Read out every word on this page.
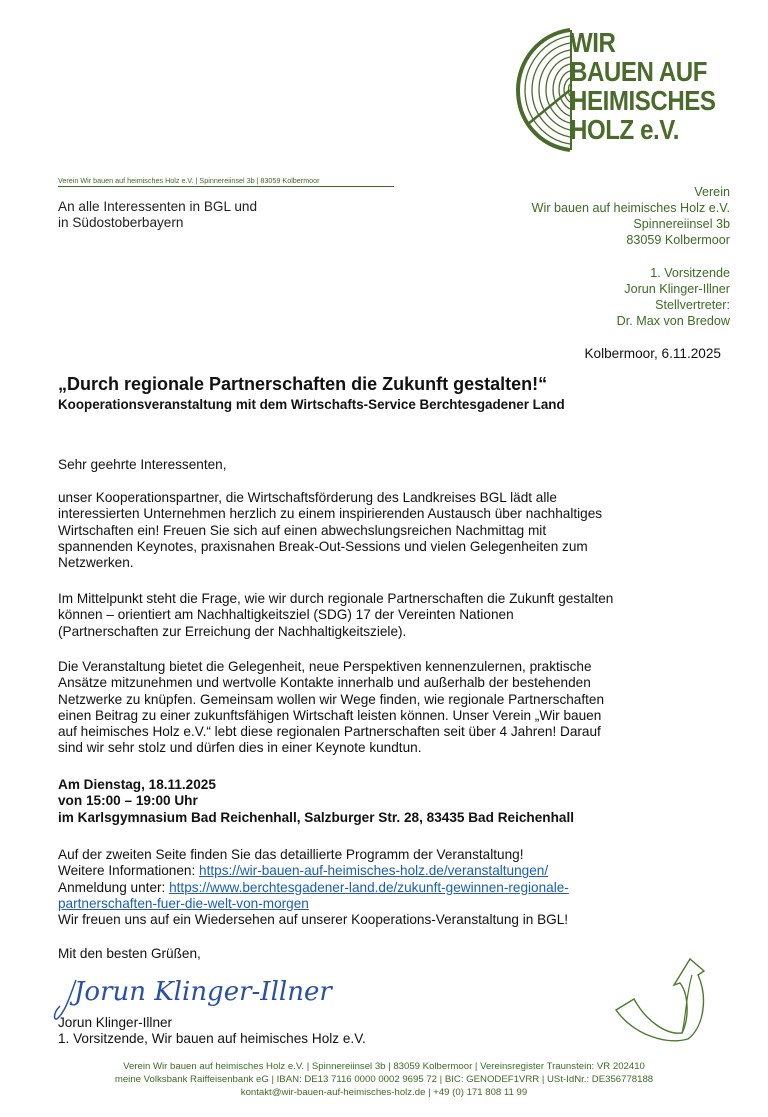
WIR
BAUEN AUF
HEIMISCHES
HOLZ e.V.
Verein Wir bauen auf heimisches Holz e.V. | Spinnereiinsel 3b | 83059 Kolbermoor
An alle Interessenten in BGL und
in Südostoberbayern
Verein
Wir bauen auf heimisches Holz e.V.
Spinnereiinsel 3b
83059 Kolbermoor
1. Vorsitzende
Jorun Klinger-Illner
Stellvertreter:
Dr. Max von Bredow
Kolbermoor, 6.11.2025
„Durch regionale Partnerschaften die Zukunft gestalten!“
Kooperationsveranstaltung mit dem Wirtschafts-Service Berchtesgadener Land
Sehr geehrte Interessenten,

unser Kooperationspartner, die Wirtschaftsförderung des Landkreises BGL lädt alle

interessierten Unternehmen herzlich zu einem inspirierenden Austausch über nachhaltiges

Wirtschaften ein! Freuen Sie sich auf einen abwechslungsreichen Nachmittag mit

spannenden Keynotes, praxisnahen Break-Out-Sessions und vielen Gelegenheiten zum

Netzwerken.

Im Mittelpunkt steht die Frage, wie wir durch regionale Partnerschaften die Zukunft gestalten

können – orientiert am Nachhaltigkeitsziel (SDG) 17 der Vereinten Nationen

(Partnerschaften zur Erreichung der Nachhaltigkeitsziele).

Die Veranstaltung bietet die Gelegenheit, neue Perspektiven kennenzulernen, praktische

Ansätze mitzunehmen und wertvolle Kontakte innerhalb und außerhalb der bestehenden

Netzwerke zu knüpfen. Gemeinsam wollen wir Wege finden, wie regionale Partnerschaften

einen Beitrag zu einer zukunftsfähigen Wirtschaft leisten können. Unser Verein „Wir bauen

auf heimisches Holz e.V.“ lebt diese regionalen Partnerschaften seit über 4 Jahren! Darauf

sind wir sehr stolz und dürfen dies in einer Keynote kundtun.

Am Dienstag, 18.11.2025

von 15:00 – 19:00 Uhr

im Karlsgymnasium Bad Reichenhall, Salzburger Str. 28, 83435 Bad Reichenhall

Auf der zweiten Seite finden Sie das detaillierte Programm der Veranstaltung!

Weitere Informationen: https://wir-bauen-auf-heimisches-holz.de/veranstaltungen/

Anmeldung unter: https://www.berchtesgadener-land.de/zukunft-gewinnen-regionale-

partnerschaften-fuer-die-welt-von-morgen

Wir freuen uns auf ein Wiedersehen auf unserer Kooperations-Veranstaltung in BGL!

Mit den besten Grüßen,
Jorun Klinger-Illner
Jorun Klinger-Illner
1. Vorsitzende, Wir bauen auf heimisches Holz e.V.
Verein Wir bauen auf heimisches Holz e.V. | Spinnereiinsel 3b | 83059 Kolbermoor | Vereinsregister Traunstein: VR 202410
meine Volksbank Raiffeisenbank eG | IBAN: DE13 7116 0000 0002 9695 72 | BIC: GENODEF1VRR | USt-IdNr.: DE356778188
kontakt@wir-bauen-auf-heimisches-holz.de | +49 (0) 171 808 11 99
